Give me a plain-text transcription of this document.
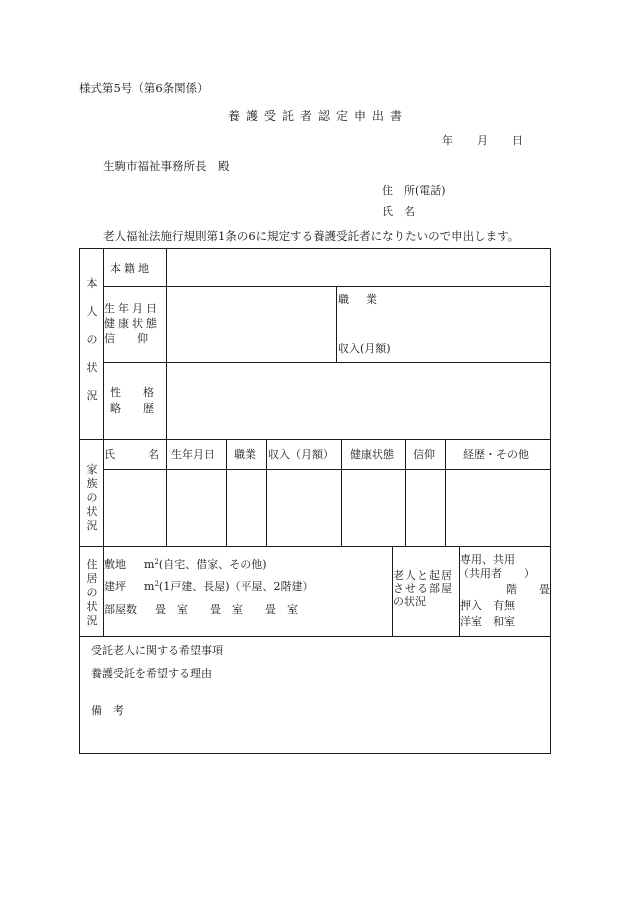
様式第5号（第6条関係）
養護受託者認定申出書
年 月 日
生駒市福祉事務所長　殿
住　所(電話)
氏　名
老人福祉法施行規則第1条の6に規定する養護受託者になりたいので申出します。
本
人
の
状
況
本籍地
生年月日
健康状態
信　　仰
職　業
収入(月額)
性　　格
略　　歴
家
族
の
状
況
氏　　　名 生年月日 職業 収入（月額） 健康状態 信仰	経歴・その他
住
居
の
状
況
敷地 $m^2$(自宅、借家、その他)
建坪 $m^2(1$戸建、長屋)（平屋、2階建）
部屋数 畳　室　　畳　室　　畳　室
老人と起居
させる部屋
の状況
専用、共用
（共用者　　）
階　　畳
押入　有無
洋室　和室
受託老人に関する希望事項
養護受託を希望する理由
備　考
